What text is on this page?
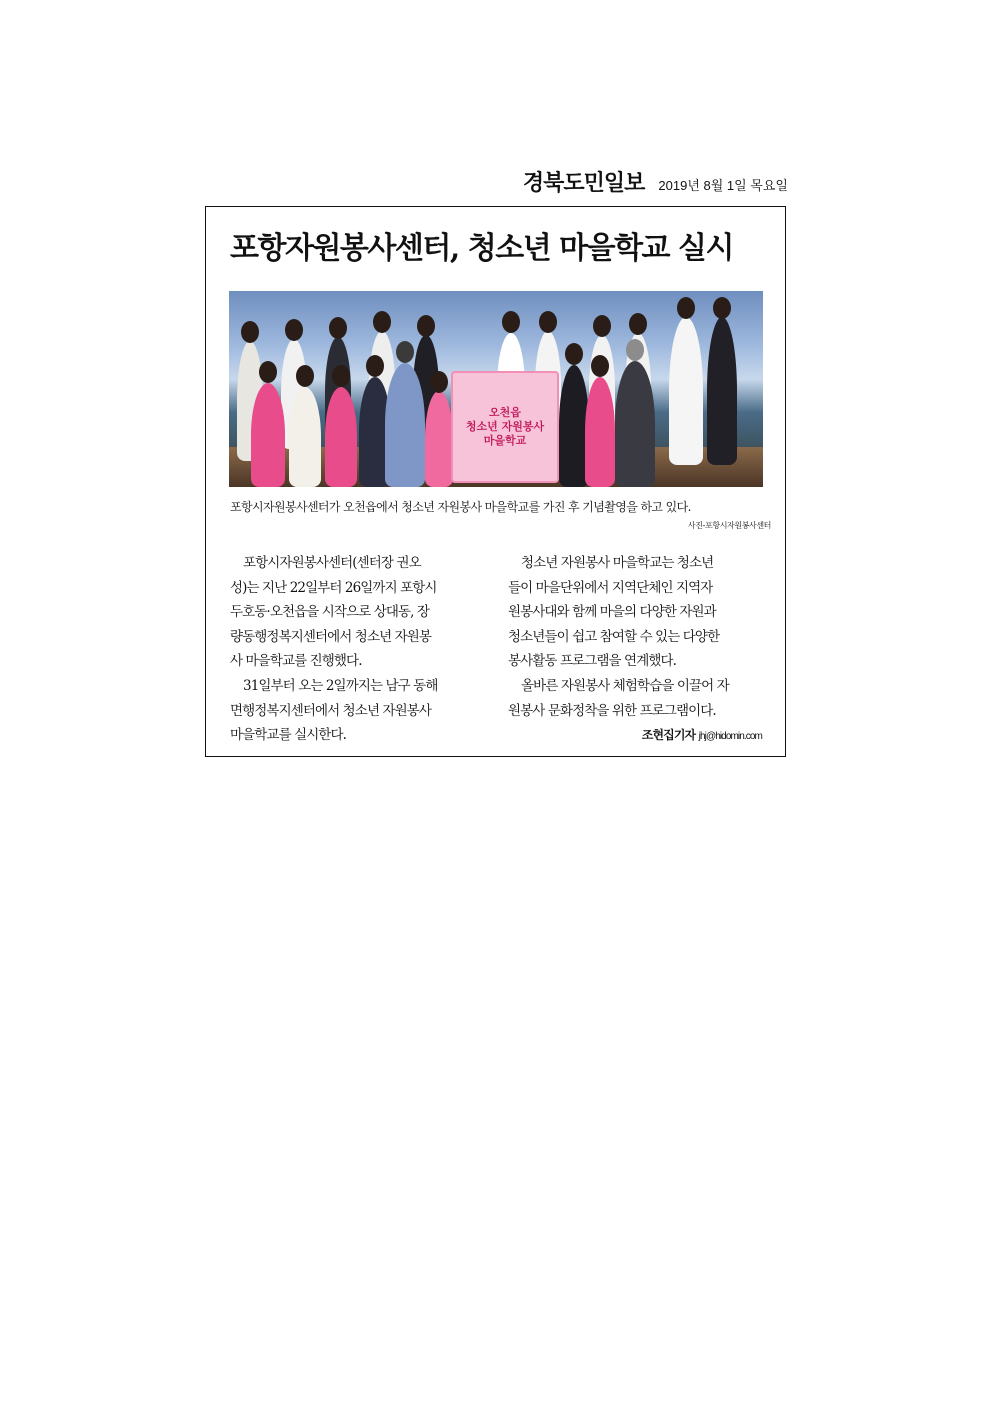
경북도민일보 2019년 8월 1일 목요일
포항자원봉사센터, 청소년 마을학교 실시
오천읍
청소년 자원봉사
마을학교
포항시자원봉사센터가 오천읍에서 청소년 자원봉사 마을학교를 가진 후 기념촬영을 하고 있다.
사진-포항시자원봉사센터
포항시자원봉사센터(센터장 권오
성)는 지난 22일부터 26일까지 포항시
두호동·오천읍을 시작으로 상대동, 장
량동행정복지센터에서 청소년 자원봉
사 마을학교를 진행했다.
31일부터 오는 2일까지는 남구 동해
면행정복지센터에서 청소년 자원봉사
마을학교를 실시한다.
청소년 자원봉사 마을학교는 청소년
들이 마을단위에서 지역단체인 지역자
원봉사대와 함께 마을의 다양한 자원과
청소년들이 쉽고 참여할 수 있는 다양한
봉사활동 프로그램을 연계했다.
올바른 자원봉사 체험학습을 이끌어 자
원봉사 문화정착을 위한 프로그램이다.
조현집기자 jhj@hidomin.com
